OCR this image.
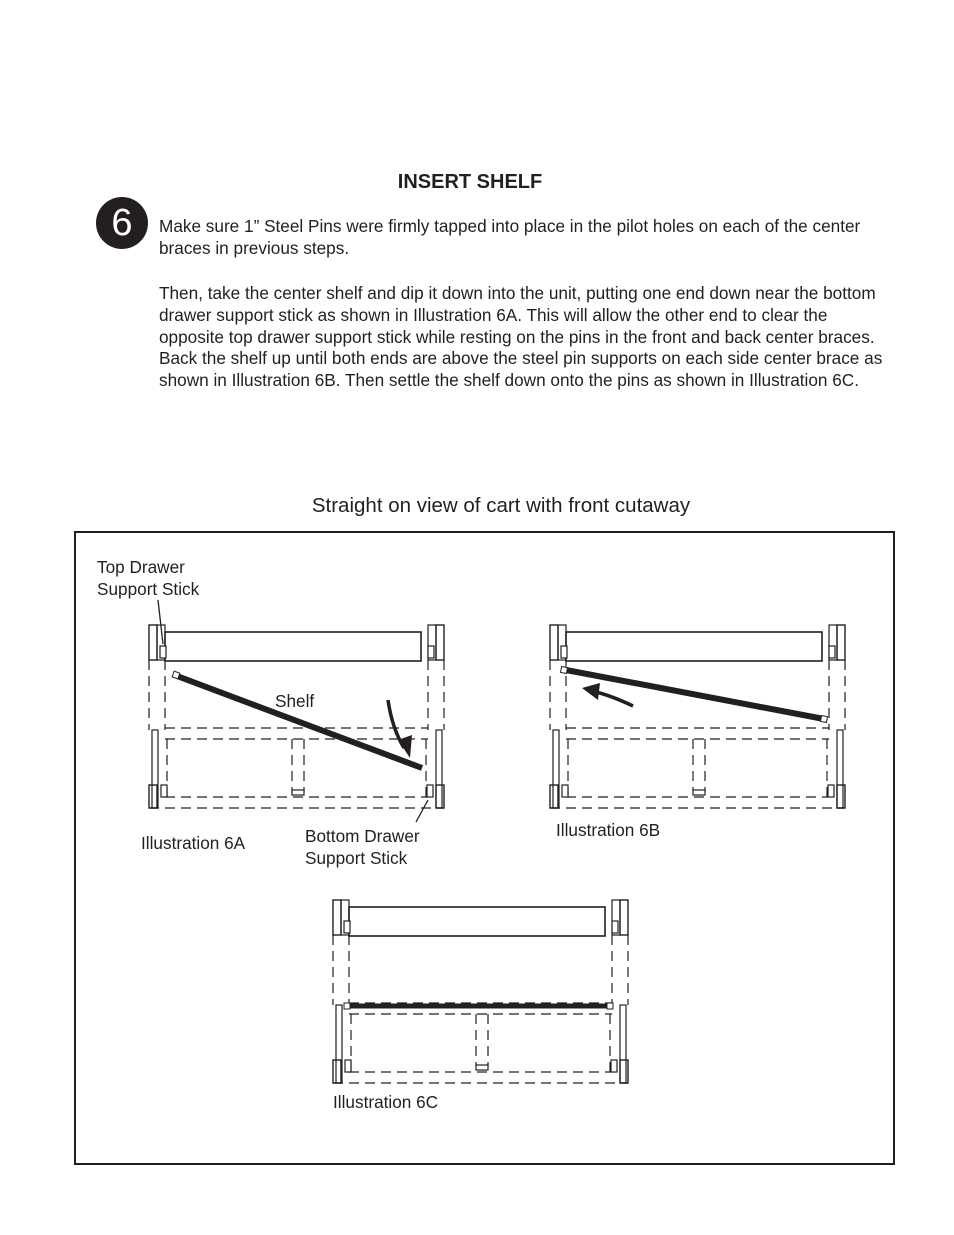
INSERT SHELF
6	Make sure 1” Steel Pins were firmly tapped into place in the pilot holes on each of the center braces in previous steps.

Then, take the center shelf and dip it down into the unit, putting one end down near the bottom drawer support stick as shown in Illustration 6A. This will allow the other end to clear the opposite top drawer support stick while resting on the pins in the front and back center braces. Back the shelf up until both ends are above the steel pin supports on each side center brace as shown in Illustration 6B. Then settle the shelf down onto the pins as shown in Illustration 6C.

Straight on view of cart with front cutaway
Top Drawer
Support Stick
Shelf
Bottom Drawer
Support Stick
Illustration 6A
Illustration 6B
Illustration 6C
